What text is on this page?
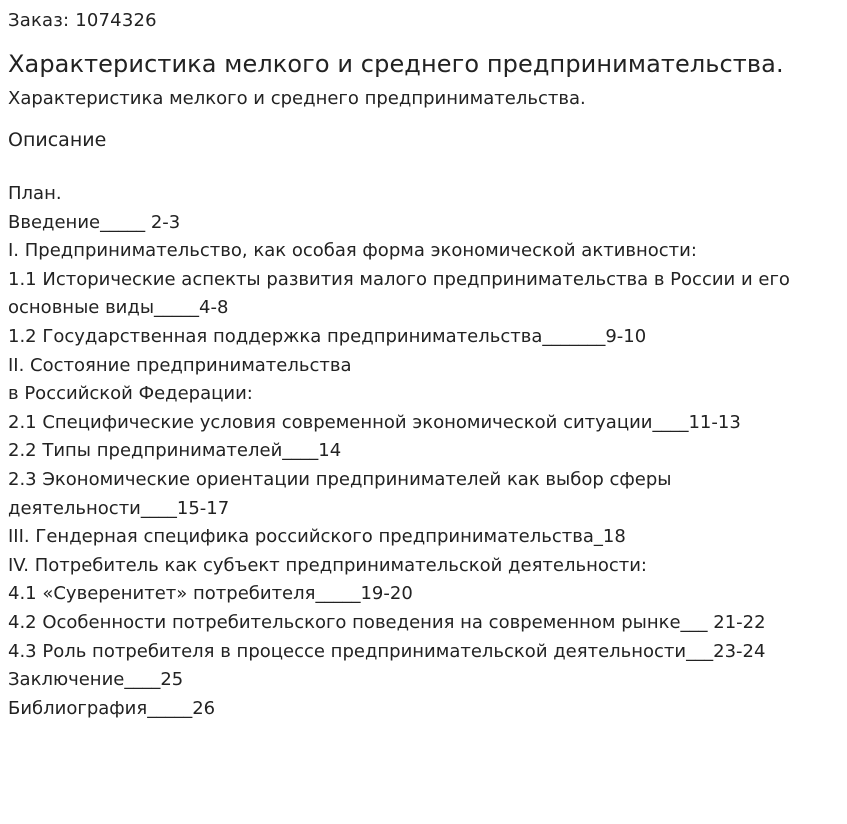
Заказ: 1074326
Характеристика мелкого и среднего предпринимательства.
Характеристика мелкого и среднего предпринимательства.
Описание
План.
Введение_____ 2-3
I. Предпринимательство, как особая форма экономической активности:
1.1 Исторические аспекты развития малого предпринимательства в России и его
основные виды_____4-8
1.2 Государственная поддержка предпринимательства_______9-10
II. Состояние предпринимательства
в Российской Федерации:
2.1 Специфические условия современной экономической ситуации____11-13
2.2 Типы предпринимателей____14
2.3 Экономические ориентации предпринимателей как выбор сферы
деятельности____15-17
III. Гендерная специфика российского предпринимательства_18
IV. Потребитель как субъект предпринимательской деятельности:
4.1 «Суверенитет» потребителя_____19-20
4.2 Особенности потребительского поведения на современном рынке___ 21-22
4.3 Роль потребителя в процессе предпринимательской деятельности___23-24
Заключение____25
Библиография_____26
